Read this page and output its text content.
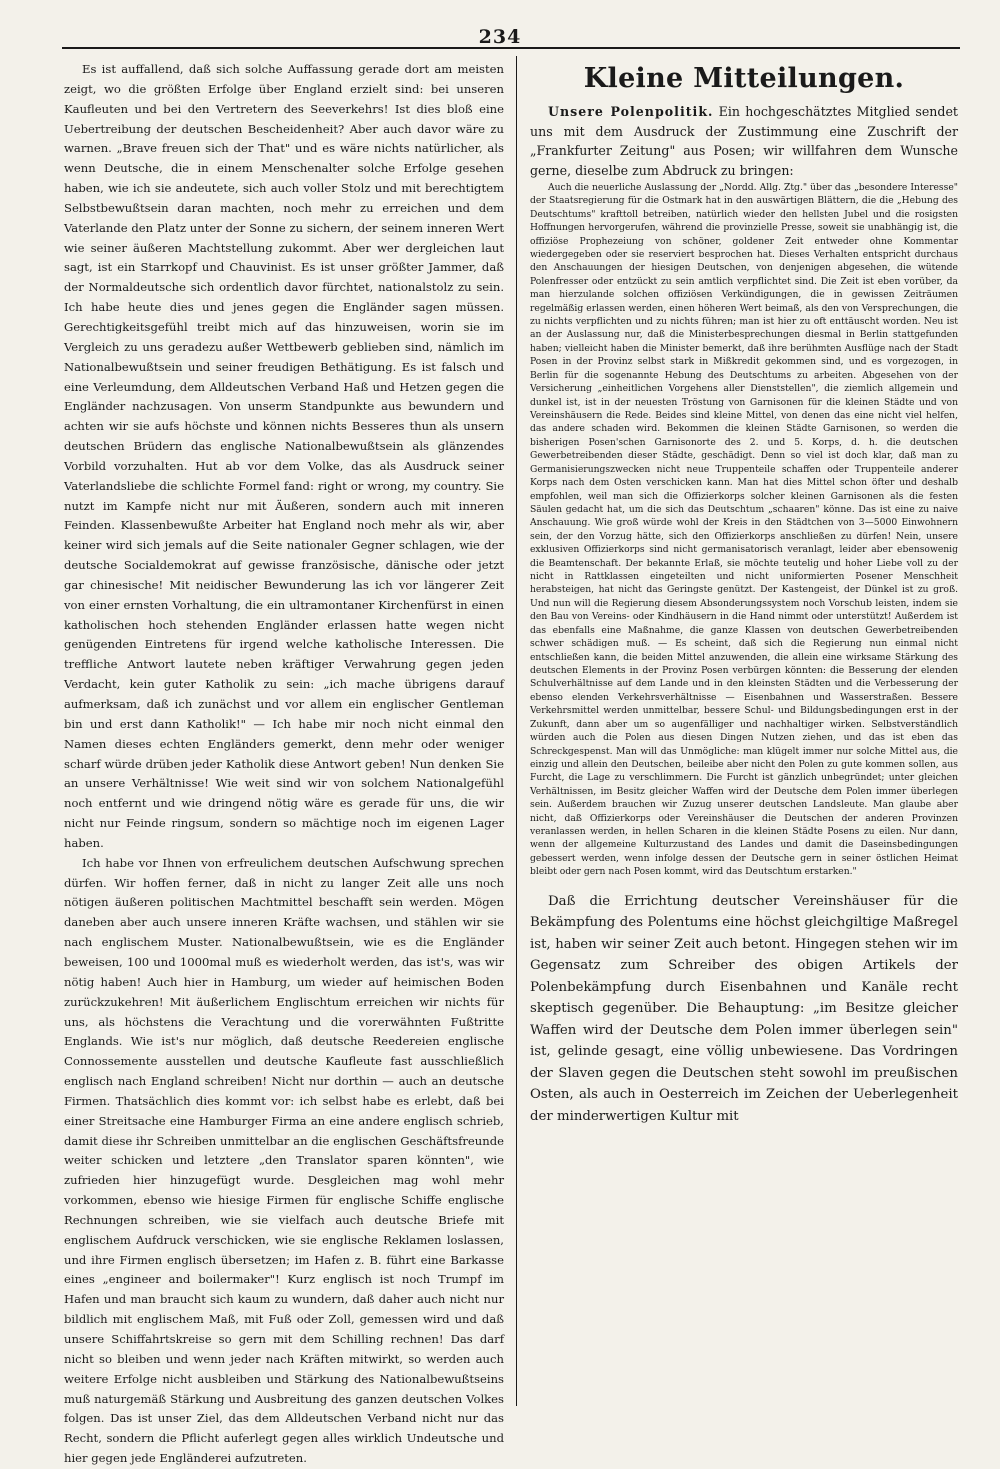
234

Es ist auffallend, daß sich solche Auffassung gerade dort am meisten zeigt, wo die größten Erfolge über England erzielt sind: bei unseren Kaufleuten und bei den Vertretern des Seeverkehrs! Ist dies bloß eine Uebertreibung der deutschen Bescheidenheit? Aber auch davor wäre zu warnen. „Brave freuen sich der That" und es wäre nichts natürlicher, als wenn Deutsche, die in einem Menschenalter solche Erfolge gesehen haben, wie ich sie andeutete, sich auch voller Stolz und mit berechtigtem Selbstbewußtsein daran machten, noch mehr zu erreichen und dem Vaterlande den Platz unter der Sonne zu sichern, der seinem inneren Wert wie seiner äußeren Machtstellung zukommt. Aber wer dergleichen laut sagt, ist ein Starrkopf und Chauvinist. Es ist unser größter Jammer, daß der Normaldeutsche sich ordentlich davor fürchtet, nationalstolz zu sein. Ich habe heute dies und jenes gegen die Engländer sagen müssen. Gerechtigkeitsgefühl treibt mich auf das hinzuweisen, worin sie im Vergleich zu uns geradezu außer Wettbewerb geblieben sind, nämlich im Nationalbewußtsein und seiner freudigen Bethätigung. Es ist falsch und eine Verleumdung, dem Alldeutschen Verband Haß und Hetzen gegen die Engländer nachzusagen. Von unserm Standpunkte aus bewundern und achten wir sie aufs höchste und können nichts Besseres thun als unsern deutschen Brüdern das englische Nationalbewußtsein als glänzendes Vorbild vorzuhalten. Hut ab vor dem Volke, das als Ausdruck seiner Vaterlandsliebe die schlichte Formel fand: right or wrong, my country. Sie nutzt im Kampfe nicht nur mit Äußeren, sondern auch mit inneren Feinden. Klassenbewußte Arbeiter hat England noch mehr als wir, aber keiner wird sich jemals auf die Seite nationaler Gegner schlagen, wie der deutsche Socialdemokrat auf gewisse französische, dänische oder jetzt gar chinesische! Mit neidischer Bewunderung las ich vor längerer Zeit von einer ernsten Vorhaltung, die ein ultramontaner Kirchenfürst in einen katholischen hoch stehenden Engländer erlassen hatte wegen nicht genügenden Eintretens für irgend welche katholische Interessen. Die treffliche Antwort lautete neben kräftiger Verwahrung gegen jeden Verdacht, kein guter Katholik zu sein: „ich mache übrigens darauf aufmerksam, daß ich zunächst und vor allem ein englischer Gentleman bin und erst dann Katholik!" — Ich habe mir noch nicht einmal den Namen dieses echten Engländers gemerkt, denn mehr oder weniger scharf würde drüben jeder Katholik diese Antwort geben! Nun denken Sie an unsere Verhältnisse! Wie weit sind wir von solchem Nationalgefühl noch entfernt und wie dringend nötig wäre es gerade für uns, die wir nicht nur Feinde ringsum, sondern so mächtige noch im eigenen Lager haben.

Ich habe vor Ihnen von erfreulichem deutschen Aufschwung sprechen dürfen. Wir hoffen ferner, daß in nicht zu langer Zeit alle uns noch nötigen äußeren politischen Machtmittel beschafft sein werden. Mögen daneben aber auch unsere inneren Kräfte wachsen, und stählen wir sie nach englischem Muster. Nationalbewußtsein, wie es die Engländer beweisen, 100 und 1000mal muß es wiederholt werden, das ist's, was wir nötig haben! Auch hier in Hamburg, um wieder auf heimischen Boden zurückzukehren! Mit äußerlichem Englischtum erreichen wir nichts für uns, als höchstens die Verachtung und die vorerwähnten Fußtritte Englands. Wie ist's nur möglich, daß deutsche Reedereien englische Connossemente ausstellen und deutsche Kaufleute fast ausschließlich englisch nach England schreiben! Nicht nur dorthin — auch an deutsche Firmen. Thatsächlich dies kommt vor: ich selbst habe es erlebt, daß bei einer Streitsache eine Hamburger Firma an eine andere englisch schrieb, damit diese ihr Schreiben unmittelbar an die englischen Geschäftsfreunde weiter schicken und letztere „den Translator sparen könnten", wie zufrieden hier hinzugefügt wurde. Desgleichen mag wohl mehr vorkommen, ebenso wie hiesige Firmen für englische Schiffe englische Rechnungen schreiben, wie sie vielfach auch deutsche Briefe mit englischem Aufdruck verschicken, wie sie englische Reklamen loslassen, und ihre Firmen englisch übersetzen; im Hafen z. B. führt eine Barkasse eines „engineer and boilermaker"! Kurz englisch ist noch Trumpf im Hafen und man braucht sich kaum zu wundern, daß daher auch nicht nur bildlich mit englischem Maß, mit Fuß oder Zoll, gemessen wird und daß unsere Schiffahrtskreise so gern mit dem Schilling rechnen! Das darf nicht so bleiben und wenn jeder nach Kräften mitwirkt, so werden auch weitere Erfolge nicht ausbleiben und Stärkung des Nationalbewußtseins muß naturgemäß Stärkung und Ausbreitung des ganzen deutschen Volkes folgen. Das ist unser Ziel, das dem Alldeutschen Verband nicht nur das Recht, sondern die Pflicht auferlegt gegen alles wirklich Undeutsche und hier gegen jede Engländerei aufzutreten.

Kleine Mitteilungen.

Unsere Polenpolitik. Ein hochgeschätztes Mitglied sendet uns mit dem Ausdruck der Zustimmung eine Zuschrift der „Frankfurter Zeitung" aus Posen; wir willfahren dem Wunsche gerne, dieselbe zum Abdruck zu bringen:

Auch die neuerliche Auslassung der „Nordd. Allg. Ztg." über das „besondere Interesse" der Staatsregierung für die Ostmark hat in den auswärtigen Blättern, die die „Hebung des Deutschtums" krafttoll betreiben, natürlich wieder den hellsten Jubel und die rosigsten Hoffnungen hervorgerufen, während die provinzielle Presse, soweit sie unabhängig ist, die offiziöse Prophezeiung von schöner, goldener Zeit entweder ohne Kommentar wiedergegeben oder sie reserviert besprochen hat. Dieses Verhalten entspricht durchaus den Anschauungen der hiesigen Deutschen, von denjenigen abgesehen, die wütende Polenfresser oder entzückt zu sein amtlich verpflichtet sind. Die Zeit ist eben vorüber, da man hierzulande solchen offiziösen Verkündigungen, die in gewissen Zeiträumen regelmäßig erlassen werden, einen höheren Wert beimaß, als den von Versprechungen, die zu nichts verpflichten und zu nichts führen; man ist hier zu oft enttäuscht worden. Neu ist an der Auslassung nur, daß die Ministerbesprechungen diesmal in Berlin stattgefunden haben; vielleicht haben die Minister bemerkt, daß ihre berühmten Ausflüge nach der Stadt Posen in der Provinz selbst stark in Mißkredit gekommen sind, und es vorgezogen, in Berlin für die sogenannte Hebung des Deutschtums zu arbeiten. Abgesehen von der Versicherung „einheitlichen Vorgehens aller Dienststellen", die ziemlich allgemein und dunkel ist, ist in der neuesten Tröstung von Garnisonen für die kleinen Städte und von Vereinshäusern die Rede. Beides sind kleine Mittel, von denen das eine nicht viel helfen, das andere schaden wird. Bekommen die kleinen Städte Garnisonen, so werden die bisherigen Posen'schen Garnisonorte des 2. und 5. Korps, d. h. die deutschen Gewerbetreibenden dieser Städte, geschädigt. Denn so viel ist doch klar, daß man zu Germanisierungszwecken nicht neue Truppenteile schaffen oder Truppenteile anderer Korps nach dem Osten verschicken kann. Man hat dies Mittel schon öfter und deshalb empfohlen, weil man sich die Offizierkorps solcher kleinen Garnisonen als die festen Säulen gedacht hat, um die sich das Deutschtum „schaaren" könne. Das ist eine zu naive Anschauung. Wie groß würde wohl der Kreis in den Städtchen von 3—5000 Einwohnern sein, der den Vorzug hätte, sich den Offizierkorps anschließen zu dürfen! Nein, unsere exklusiven Offizierkorps sind nicht germanisatorisch veranlagt, leider aber ebensowenig die Beamtenschaft. Der bekannte Erlaß, sie möchte teutelig und hoher Liebe voll zu der nicht in Rattklassen eingeteilten und nicht uniformierten Posener Menschheit herabsteigen, hat nicht das Geringste genützt. Der Kastengeist, der Dünkel ist zu groß. Und nun will die Regierung diesem Absonderungssystem noch Vorschub leisten, indem sie den Bau von Vereins- oder Kindhäusern in die Hand nimmt oder unterstützt! Außerdem ist das ebenfalls eine Maßnahme, die ganze Klassen von deutschen Gewerbetreibenden schwer schädigen muß. — Es scheint, daß sich die Regierung nun einmal nicht entschließen kann, die beiden Mittel anzuwenden, die allein eine wirksame Stärkung des deutschen Elements in der Provinz Posen verbürgen könnten: die Besserung der elenden Schulverhältnisse auf dem Lande und in den kleinsten Städten und die Verbesserung der ebenso elenden Verkehrsverhältnisse — Eisenbahnen und Wasserstraßen. Bessere Verkehrsmittel werden unmittelbar, bessere Schul- und Bildungsbedingungen erst in der Zukunft, dann aber um so augenfälliger und nachhaltiger wirken. Selbstverständlich würden auch die Polen aus diesen Dingen Nutzen ziehen, und das ist eben das Schreckgespenst. Man will das Unmögliche: man klügelt immer nur solche Mittel aus, die einzig und allein den Deutschen, beileibe aber nicht den Polen zu gute kommen sollen, aus Furcht, die Lage zu verschlimmern. Die Furcht ist gänzlich unbegründet; unter gleichen Verhältnissen, im Besitz gleicher Waffen wird der Deutsche dem Polen immer überlegen sein. Außerdem brauchen wir Zuzug unserer deutschen Landsleute. Man glaube aber nicht, daß Offizierkorps oder Vereinshäuser die Deutschen der anderen Provinzen veranlassen werden, in hellen Scharen in die kleinen Städte Posens zu eilen. Nur dann, wenn der allgemeine Kulturzustand des Landes und damit die Daseinsbedingungen gebessert werden, wenn infolge dessen der Deutsche gern in seiner östlichen Heimat bleibt oder gern nach Posen kommt, wird das Deutschtum erstarken."

Daß die Errichtung deutscher Vereinshäuser für die Bekämpfung des Polentums eine höchst gleichgiltige Maßregel ist, haben wir seiner Zeit auch betont. Hingegen stehen wir im Gegensatz zum Schreiber des obigen Artikels der Polenbekämpfung durch Eisenbahnen und Kanäle recht skeptisch gegenüber. Die Behauptung: „im Besitze gleicher Waffen wird der Deutsche dem Polen immer überlegen sein" ist, gelinde gesagt, eine völlig unbewiesene. Das Vordringen der Slaven gegen die Deutschen steht sowohl im preußischen Osten, als auch in Oesterreich im Zeichen der Ueberlegenheit der minderwertigen Kultur mit
